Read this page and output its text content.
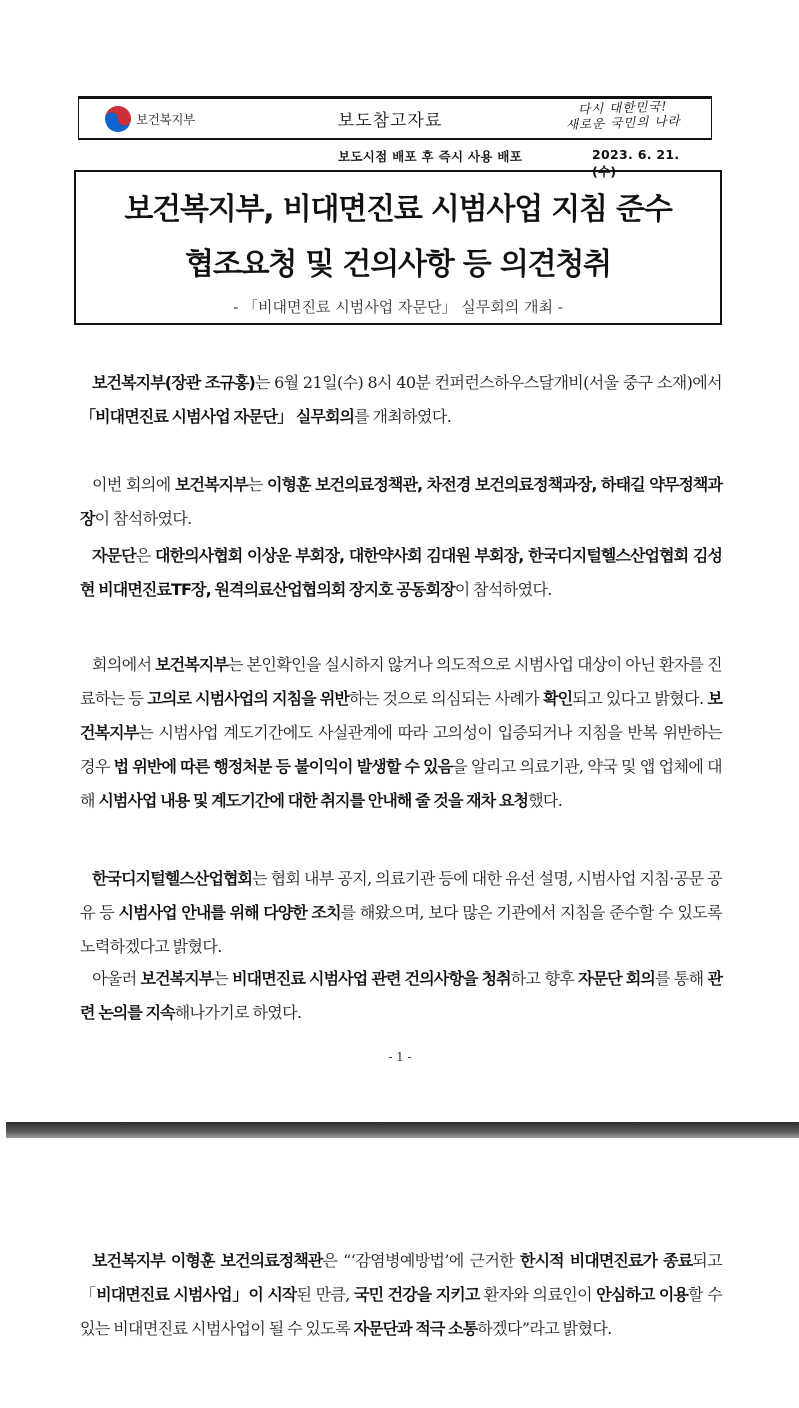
보건복지부	보도참고자료
다시 대한민국!
새로운 국민의 나라
보도시점 배포 후 즉시 사용 배포	2023. 6. 21.(수)
보건복지부, 비대면진료 시범사업 지침 준수
협조요청 및 건의사항 등 의견청취
- 「비대면진료 시범사업 자문단」 실무회의 개최 -
보건복지부(장관 조규홍)는 6월 21일(수) 8시 40분 컨퍼런스하우스달개비(서울 중구 소재)에서 「비대면진료 시범사업 자문단」 실무회의를 개최하였다.
이번 회의에 보건복지부는 이형훈 보건의료정책관, 차전경 보건의료정책과장, 하태길 약무정책과장이 참석하였다.
자문단은 대한의사협회 이상운 부회장, 대한약사회 김대원 부회장, 한국디지털헬스산업협회 김성현 비대면진료TF장, 원격의료산업협의회 장지호 공동회장이 참석하였다.
회의에서 보건복지부는 본인확인을 실시하지 않거나 의도적으로 시범사업 대상이 아닌 환자를 진료하는 등 고의로 시범사업의 지침을 위반하는 것으로 의심되는 사례가 확인되고 있다고 밝혔다. 보건복지부는 시범사업 계도기간에도 사실관계에 따라 고의성이 입증되거나 지침을 반복 위반하는 경우 법 위반에 따른 행정처분 등 불이익이 발생할 수 있음을 알리고 의료기관, 약국 및 앱 업체에 대해 시범사업 내용 및 계도기간에 대한 취지를 안내해 줄 것을 재차 요청했다.
한국디지털헬스산업협회는 협회 내부 공지, 의료기관 등에 대한 유선 설명, 시범사업 지침·공문 공유 등 시범사업 안내를 위해 다양한 조치를 해왔으며, 보다 많은 기관에서 지침을 준수할 수 있도록 노력하겠다고 밝혔다.
아울러 보건복지부는 비대면진료 시범사업 관련 건의사항을 청취하고 향후 자문단 회의를 통해 관련 논의를 지속해나가기로 하였다.
- 1 -
보건복지부 이형훈 보건의료정책관은 “‘감염병예방법’에 근거한 한시적 비대면진료가 종료되고 「비대면진료 시범사업」이 시작된 만큼, 국민 건강을 지키고 환자와 의료인이 안심하고 이용할 수 있는 비대면진료 시범사업이 될 수 있도록 자문단과 적극 소통하겠다”라고 밝혔다.
